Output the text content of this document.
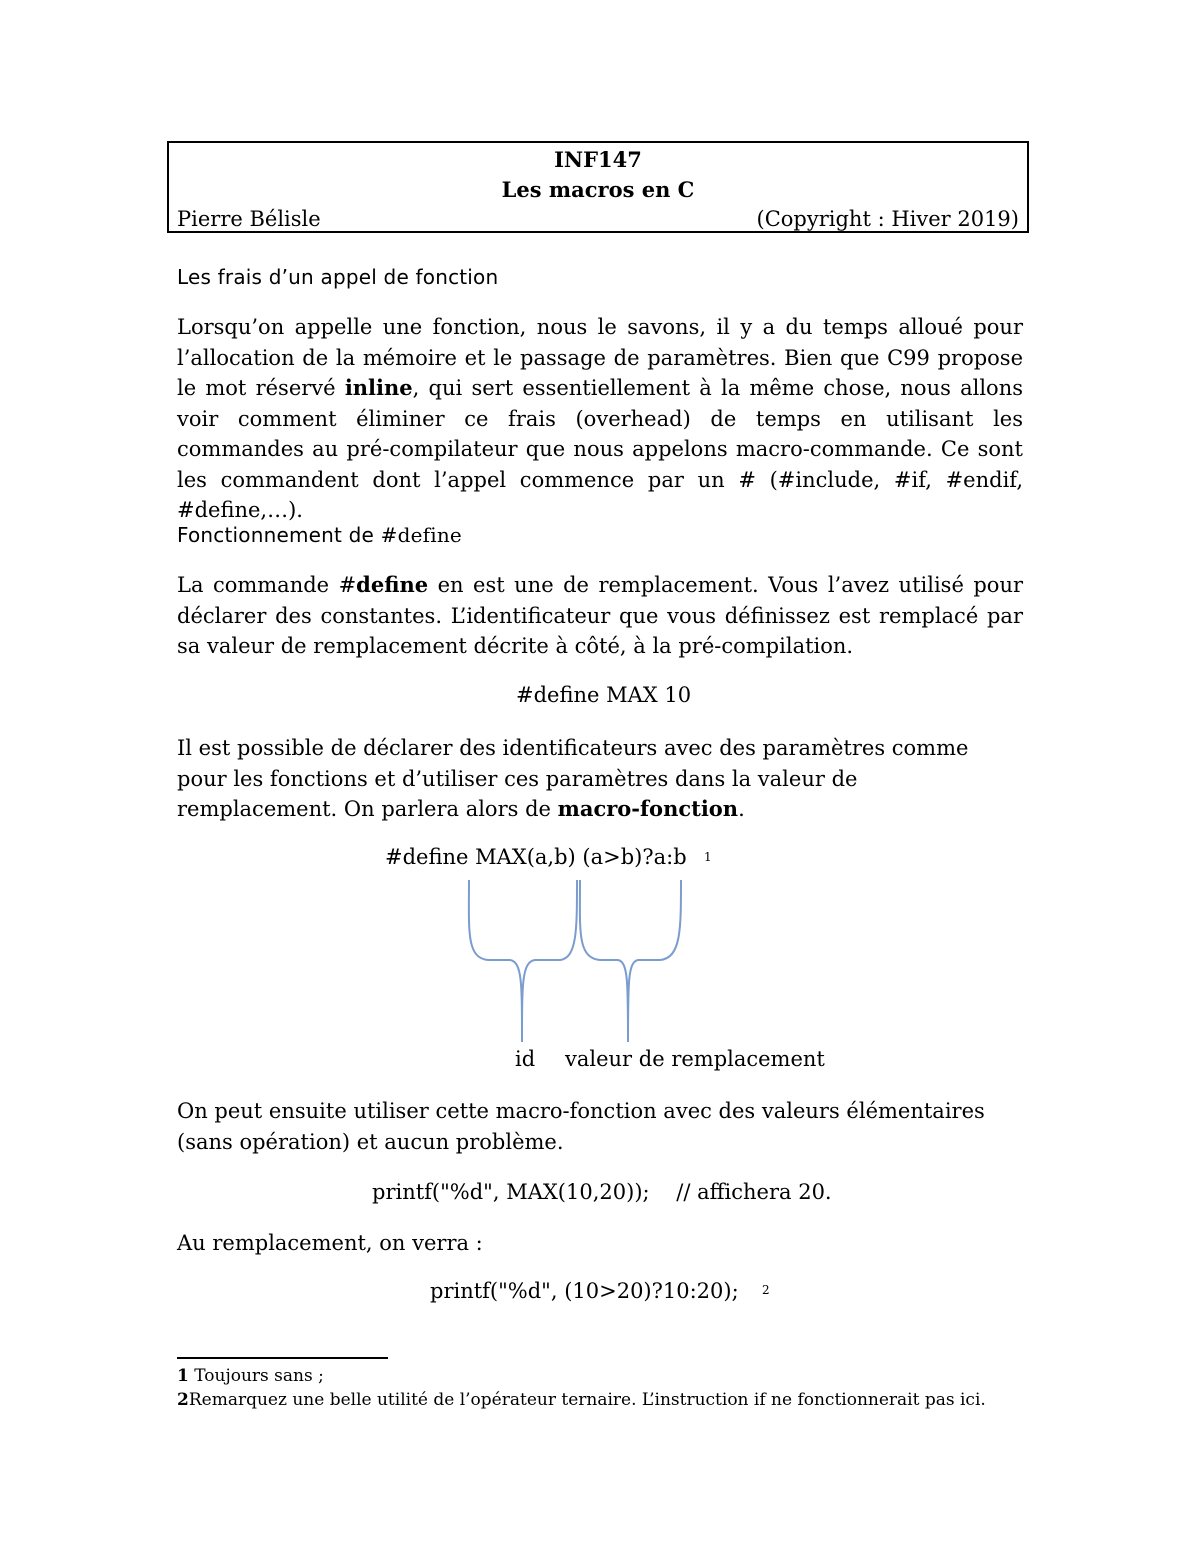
INF147
Les macros en C
Pierre Bélisle	(Copyright : Hiver 2019)
Les frais d’un appel de fonction
Lorsqu’on appelle une fonction, nous le savons, il y a du temps alloué pour l’allocation de la mémoire et le passage de paramètres. Bien que C99 propose le mot réservé inline, qui sert essentiellement à la même chose, nous allons voir comment éliminer ce frais (overhead) de temps en utilisant les commandes au pré-compilateur que nous appelons macro-commande. Ce sont les commandent dont l’appel commence par un # (#include, #if, #endif, #define,…).
Fonctionnement de #define
La commande #define en est une de remplacement. Vous l’avez utilisé pour déclarer des constantes. L’identificateur que vous définissez est remplacé par sa valeur de remplacement décrite à côté, à la pré-compilation.
#define MAX 10
Il est possible de déclarer des identificateurs avec des paramètres comme pour les fonctions et d’utiliser ces paramètres dans la valeur de remplacement. On parlera alors de macro-fonction.
#define MAX(a,b) (a>b)?a:b 1
id valeur de remplacement
On peut ensuite utiliser cette macro-fonction avec des valeurs élémentaires (sans opération) et aucun problème.
printf("%d", MAX(10,20));    // affichera 20.
Au remplacement, on verra :
printf("%d", (10>20)?10:20); 2
1 Toujours sans ;
2Remarquez une belle utilité de l’opérateur ternaire. L’instruction if ne fonctionnerait pas ici.
